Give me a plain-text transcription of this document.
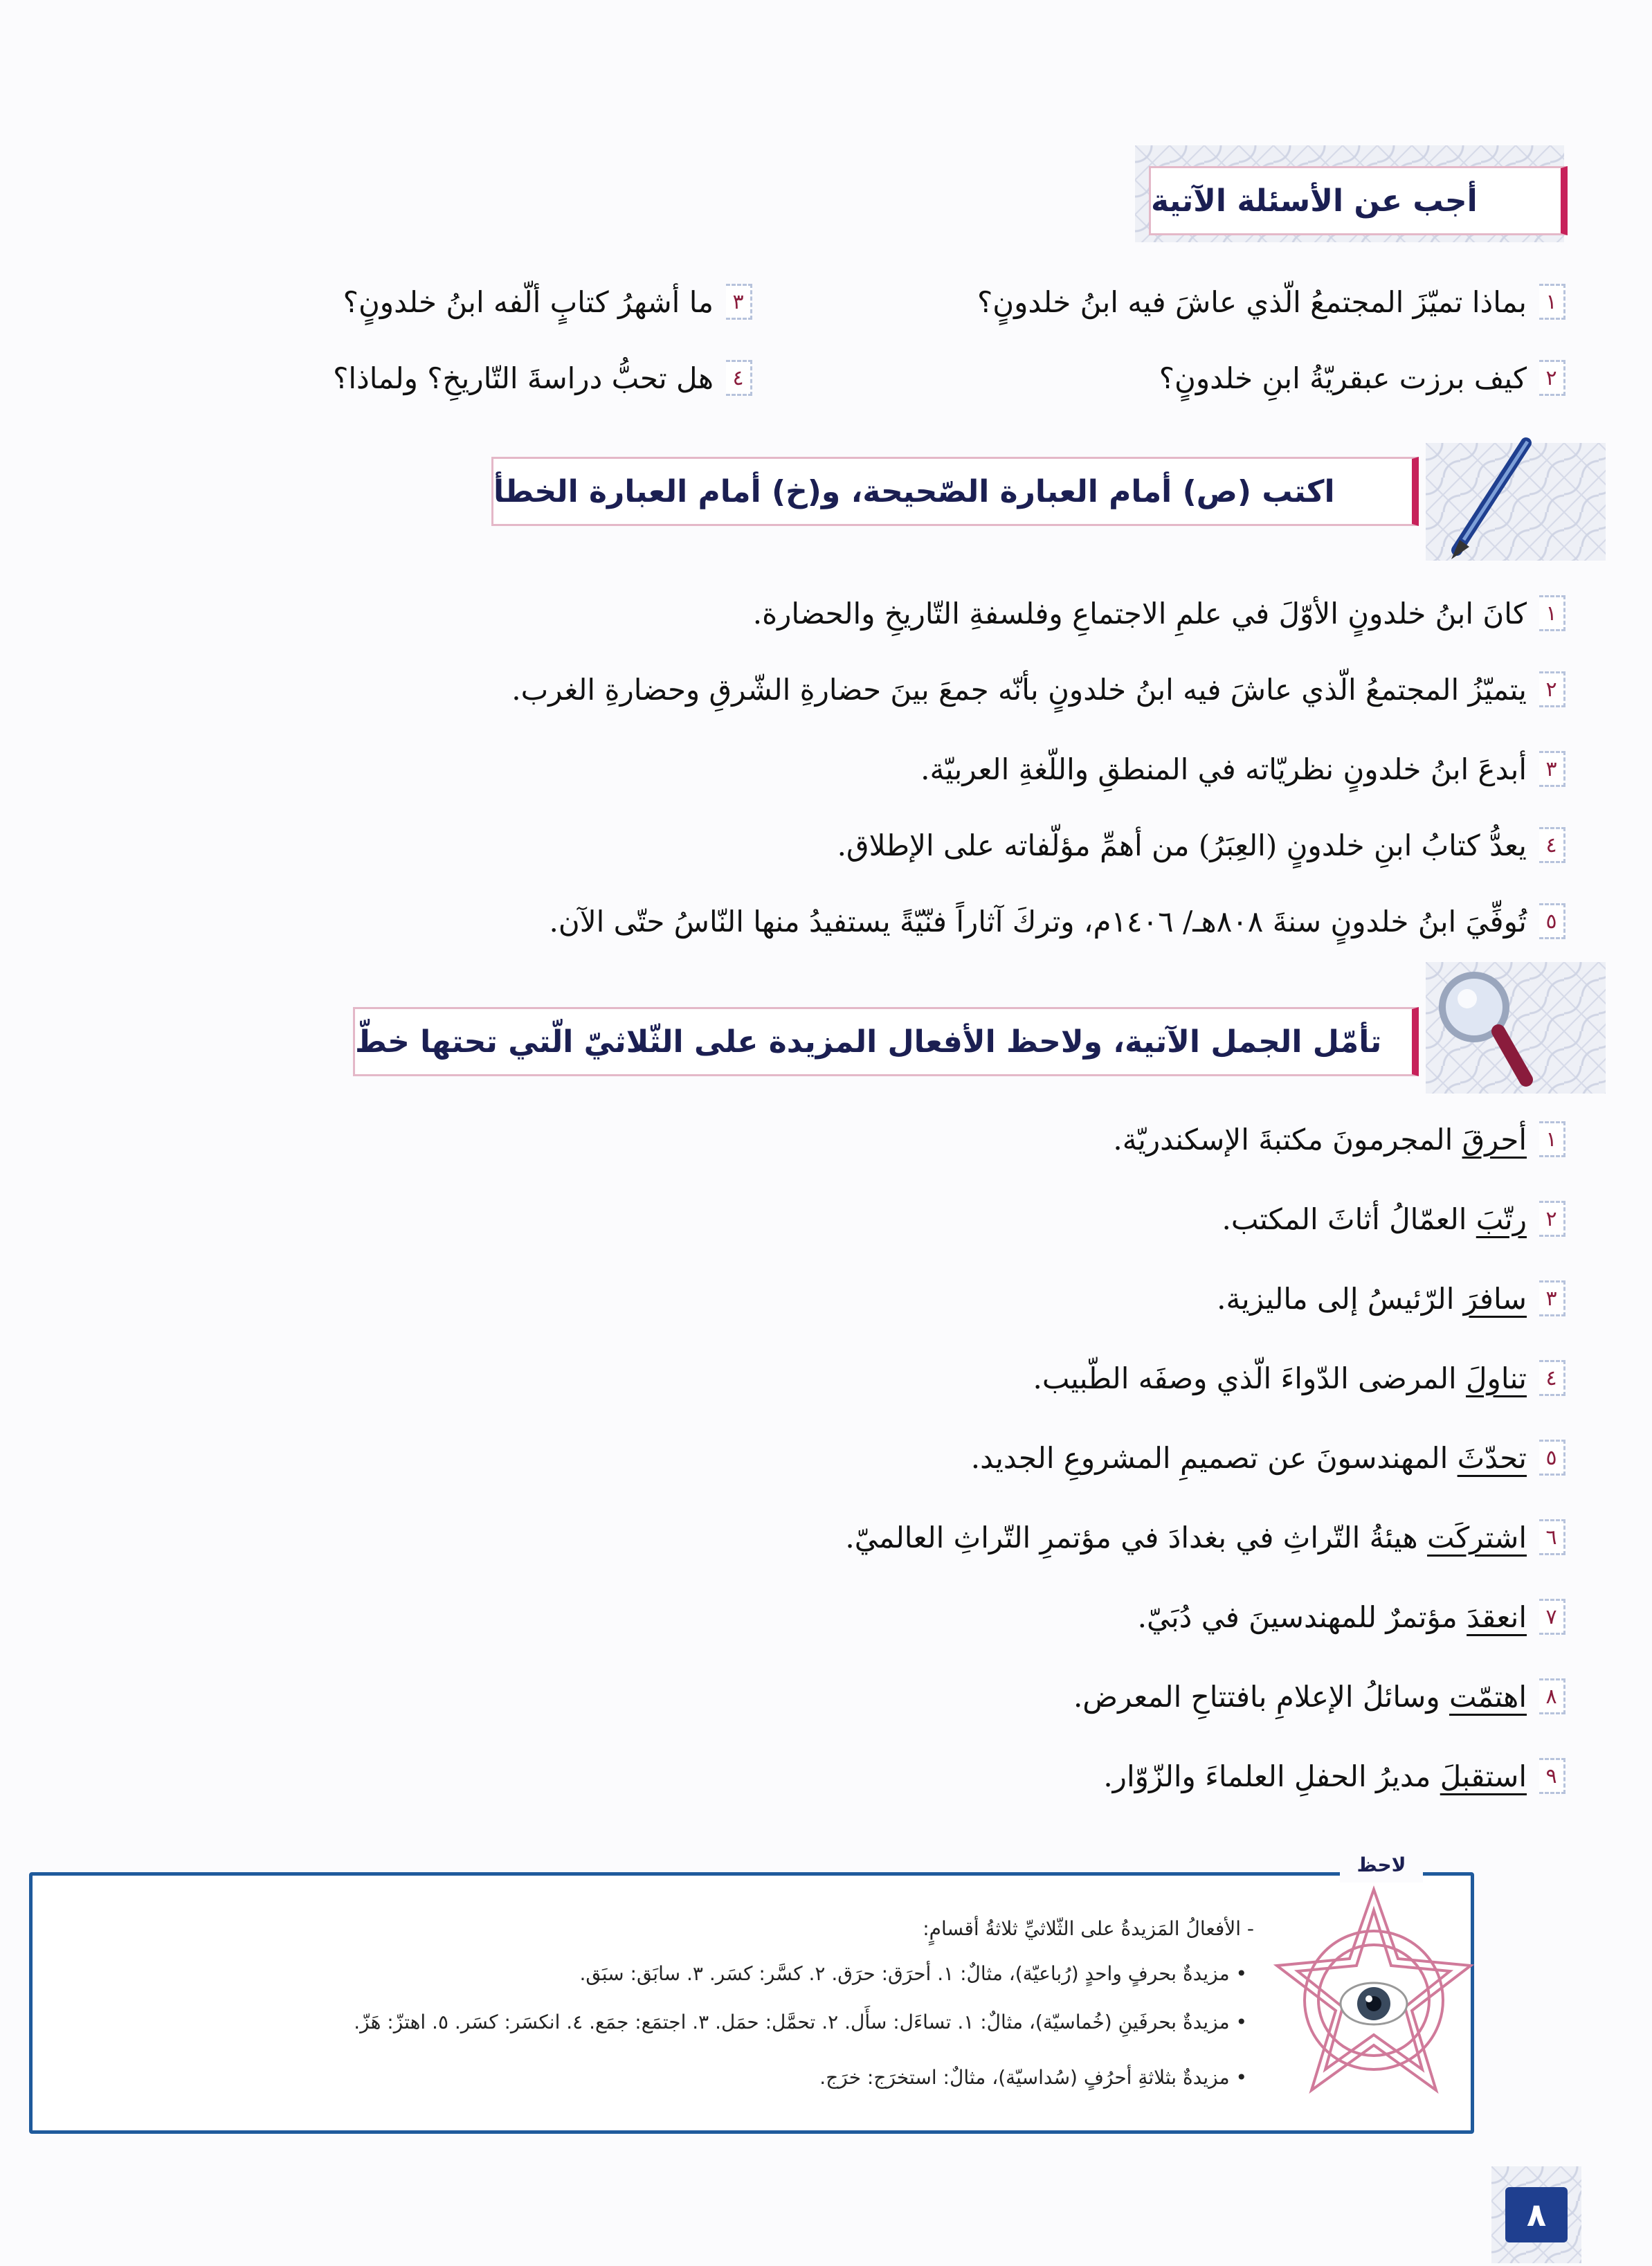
أجب عن الأسئلة الآتية
١
بماذا تميّزَ المجتمعُ الّذي عاشَ فيه ابنُ خلدونٍ؟
٢
كيف برزت عبقريّةُ ابنِ خلدونٍ؟
٣
ما أشهرُ كتابٍ ألّفه ابنُ خلدونٍ؟
٤
هل تحبُّ دراسةَ التّاريخِ؟ ولماذا؟
اكتب (ص) أمام العبارة الصّحيحة، و(خ) أمام العبارة الخطأ
١
كانَ ابنُ خلدونٍ الأوّلَ في علمِ الاجتماعِ وفلسفةِ التّاريخِ والحضارة.
٢
يتميّزُ المجتمعُ الّذي عاشَ فيه ابنُ خلدونٍ بأنّه جمعَ بينَ حضارةِ الشّرقِ وحضارةِ الغرب.
٣
أبدعَ ابنُ خلدونٍ نظريّاته في المنطقِ واللّغةِ العربيّة.
٤
يعدُّ كتابُ ابنِ خلدونٍ (العِبَرُ) من أهمِّ مؤلّفاته على الإطلاق.
٥
تُوفِّيَ ابنُ خلدونٍ سنةَ ٨٠٨هـ/ ١٤٠٦م، وتركَ آثاراً فنّيّةً يستفيدُ منها النّاسُ حتّى الآن.
تأمّل الجمل الآتية، ولاحظ الأفعال المزيدة على الثّلاثيّ الّتي تحتها خطّ
١
أحرقَ المجرمونَ مكتبةَ الإسكندريّة.
٢
رتّبَ العمّالُ أثاثَ المكتب.
٣
سافرَ الرّئيسُ إلى ماليزية.
٤
تناولَ المرضى الدّواءَ الّذي وصفَه الطّبيب.
٥
تحدّثَ المهندسونَ عن تصميمِ المشروعِ الجديد.
٦
اشتركَت هيئةُ التّراثِ في بغدادَ في مؤتمرِ التّراثِ العالميّ.
٧
انعقدَ مؤتمرٌ للمهندسينَ في دُبَيّ.
٨
اهتمّت وسائلُ الإعلامِ بافتتاحِ المعرض.
٩
استقبلَ مديرُ الحفلِ العلماءَ والزّوّار.
لاحظ
- الأفعالُ المَزيدةُ على الثّلاثيِّ ثلاثةُ أقسامٍ:
• مزيدةٌ بحرفٍ واحدٍ (رُباعيّة)، مثالٌ: ١. أحرَق: حرَق. ٢. كسَّر: كسَر. ٣. سابَق: سبَق.
• مزيدةٌ بحرفَينِ (خُماسيّة)، مثالٌ: ١. تساءَل: سأَل. ٢. تحمَّل: حمَل. ٣. اجتمَع: جمَع. ٤. انكسَر: كسَر. ٥. اهتزّ: هَزّ.
• مزيدةٌ بثلاثةِ أحرُفٍ (سُداسيّة)، مثالٌ: استخرَج: خرَج.
٨
